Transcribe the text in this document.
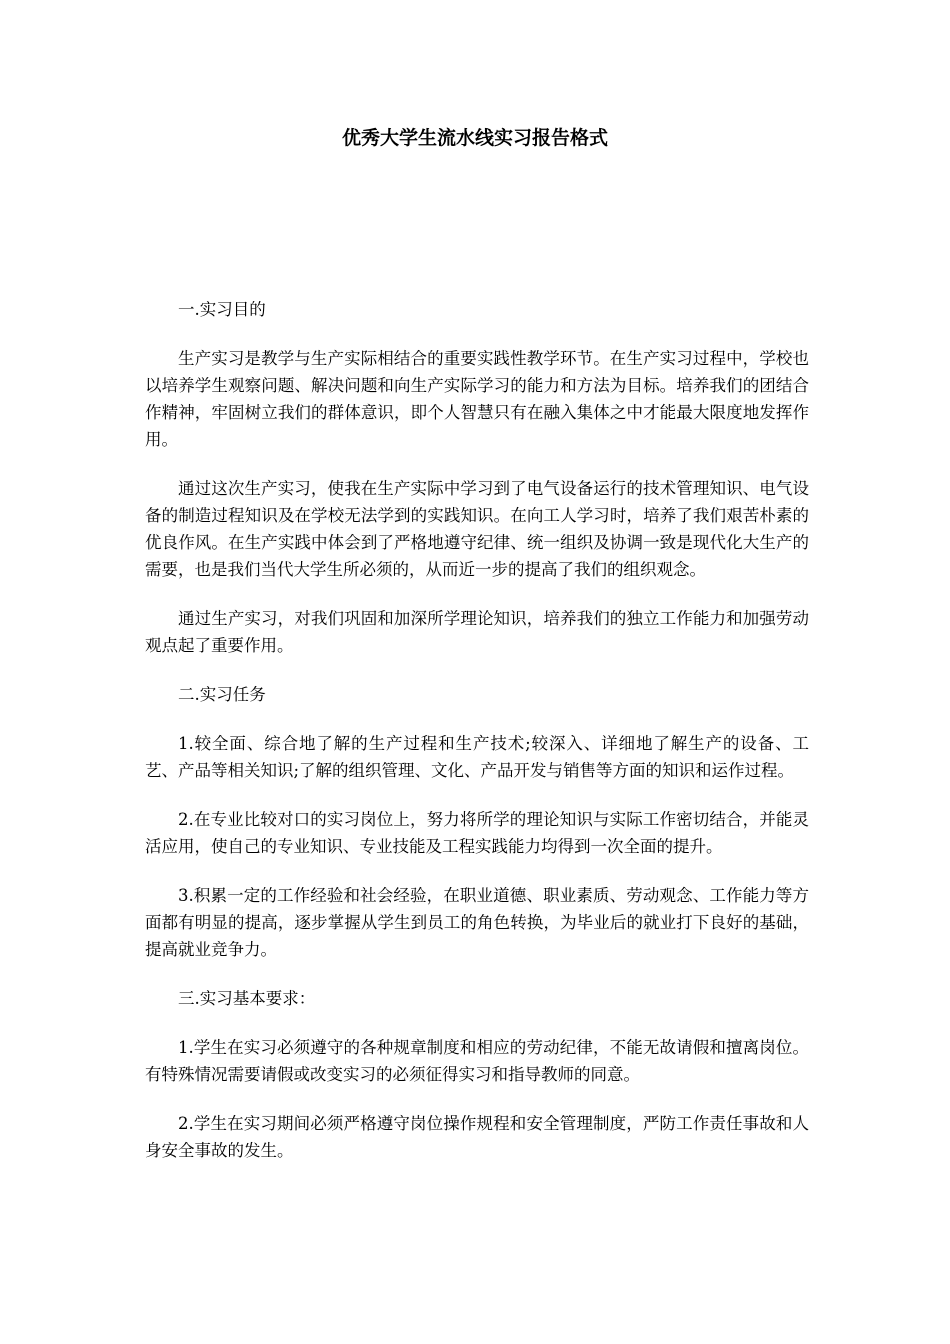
优秀大学生流水线实习报告格式

一.实习目的

生产实习是教学与生产实际相结合的重要实践性教学环节。在生产实习过程中，学校也以培养学生观察问题、解决问题和向生产实际学习的能力和方法为目标。培养我们的团结合作精神，牢固树立我们的群体意识，即个人智慧只有在融入集体之中才能最大限度地发挥作用。

通过这次生产实习，使我在生产实际中学习到了电气设备运行的技术管理知识、电气设备的制造过程知识及在学校无法学到的实践知识。在向工人学习时，培养了我们艰苦朴素的优良作风。在生产实践中体会到了严格地遵守纪律、统一组织及协调一致是现代化大生产的需要，也是我们当代大学生所必须的，从而近一步的提高了我们的组织观念。

通过生产实习，对我们巩固和加深所学理论知识，培养我们的独立工作能力和加强劳动观点起了重要作用。

二.实习任务

1.较全面、综合地了解的生产过程和生产技术;较深入、详细地了解生产的设备、工艺、产品等相关知识;了解的组织管理、文化、产品开发与销售等方面的知识和运作过程。

2.在专业比较对口的实习岗位上，努力将所学的理论知识与实际工作密切结合，并能灵活应用，使自己的专业知识、专业技能及工程实践能力均得到一次全面的提升。

3.积累一定的工作经验和社会经验，在职业道德、职业素质、劳动观念、工作能力等方面都有明显的提高，逐步掌握从学生到员工的角色转换，为毕业后的就业打下良好的基础，提高就业竞争力。

三.实习基本要求：

1.学生在实习必须遵守的各种规章制度和相应的劳动纪律，不能无故请假和擅离岗位。有特殊情况需要请假或改变实习的必须征得实习和指导教师的同意。

2.学生在实习期间必须严格遵守岗位操作规程和安全管理制度，严防工作责任事故和人身安全事故的发生。
